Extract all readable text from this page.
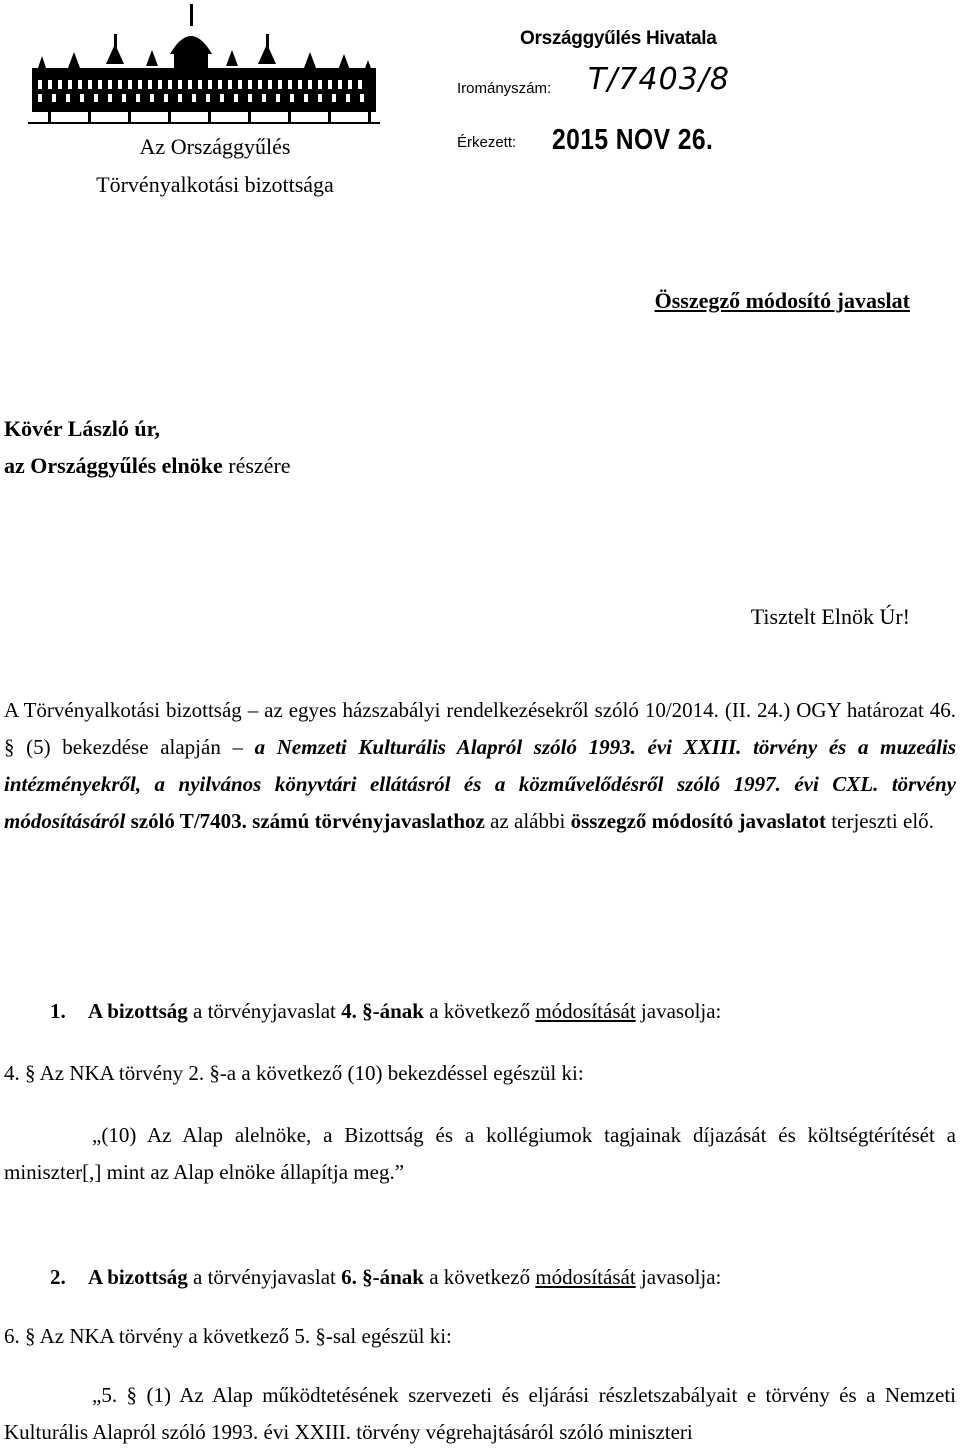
Az Országgyűlés
Törvényalkotási bizottsága
Országgyűlés Hivatala
Irományszám: T/7403/8
Érkezett: 2015 NOV 26.
Összegző módosító javaslat
Kövér László úr,
az Országgyűlés elnöke részére
Tisztelt Elnök Úr!
A Törvényalkotási bizottság – az egyes házszabályi rendelkezésekről szóló 10/2014. (II. 24.) OGY határozat 46. § (5) bekezdése alapján – a Nemzeti Kulturális Alapról szóló 1993. évi XXIII. törvény és a muzeális intézményekről, a nyilvános könyvtári ellátásról és a közművelődésről szóló 1997. évi CXL. törvény módosításáról szóló T/7403. számú törvényjavaslathoz az alábbi összegző módosító javaslatot terjeszti elő.
1. A bizottság a törvényjavaslat 4. §-ának a következő módosítását javasolja:
4. § Az NKA törvény 2. §-a a következő (10) bekezdéssel egészül ki:
„(10) Az Alap alelnöke, a Bizottság és a kollégiumok tagjainak díjazását és költségtérítését a miniszter[,] mint az Alap elnöke állapítja meg.”
2. A bizottság a törvényjavaslat 6. §-ának a következő módosítását javasolja:
6. § Az NKA törvény a következő 5. §-sal egészül ki:
„5. § (1) Az Alap működtetésének szervezeti és eljárási részletszabályait e törvény és a Nemzeti Kulturális Alapról szóló 1993. évi XXIII. törvény végrehajtásáról szóló miniszteri
